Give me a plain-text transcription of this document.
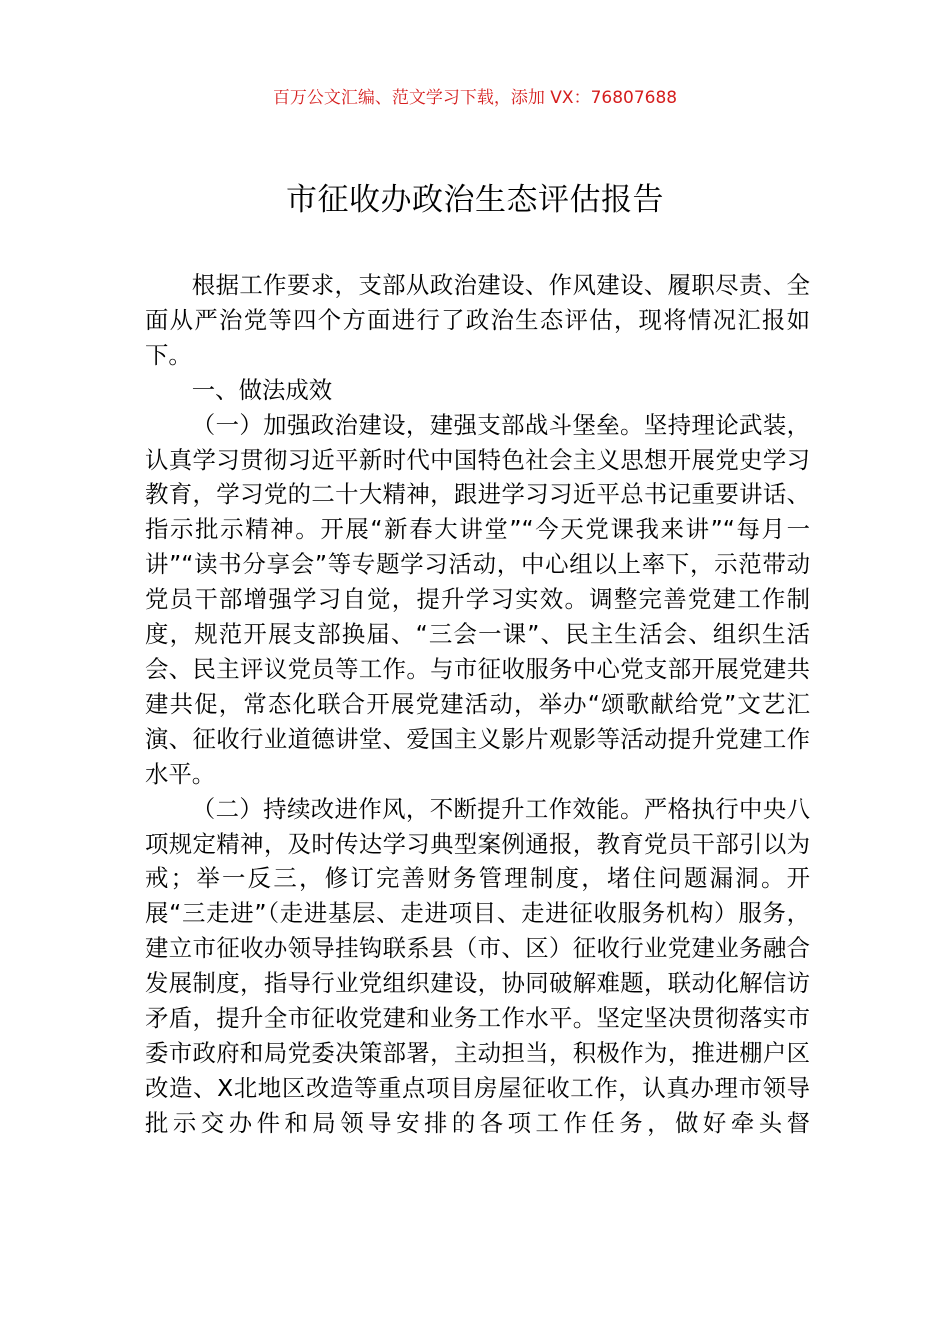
百万公文汇编、范文学习下载，添加 VX：76807688
市征收办政治生态评估报告

根据工作要求，支部从政治建设、作风建设、履职尽责、全面从严治党等四个方面进行了政治生态评估，现将情况汇报如下。

一、做法成效

（一）加强政治建设，建强支部战斗堡垒。坚持理论武装，认真学习贯彻习近平新时代中国特色社会主义思想开展党史学习教育，学习党的二十大精神，跟进学习习近平总书记重要讲话、指示批示精神。开展“新春大讲堂”“今天党课我来讲”“每月一讲”“读书分享会”等专题学习活动，中心组以上率下，示范带动党员干部增强学习自觉，提升学习实效。调整完善党建工作制度，规范开展支部换届、“三会一课”、民主生活会、组织生活会、民主评议党员等工作。与市征收服务中心党支部开展党建共建共促，常态化联合开展党建活动，举办“颂歌献给党”文艺汇演、征收行业道德讲堂、爱国主义影片观影等活动提升党建工作水平。

（二）持续改进作风，不断提升工作效能。严格执行中央八项规定精神，及时传达学习典型案例通报，教育党员干部引以为戒；举一反三，修订完善财务管理制度，堵住问题漏洞。开展“三走进”（走进基层、走进项目、走进征收服务机构）服务，建立市征收办领导挂钩联系县（市、区）征收行业党建业务融合发展制度，指导行业党组织建设，协同破解难题，联动化解信访矛盾，提升全市征收党建和业务工作水平。坚定坚决贯彻落实市委市政府和局党委决策部署，主动担当，积极作为，推进棚户区改造、X北地区改造等重点项目房屋征收工作，认真办理市领导批示交办件和局领导安排的各项工作任务，做好牵头督
